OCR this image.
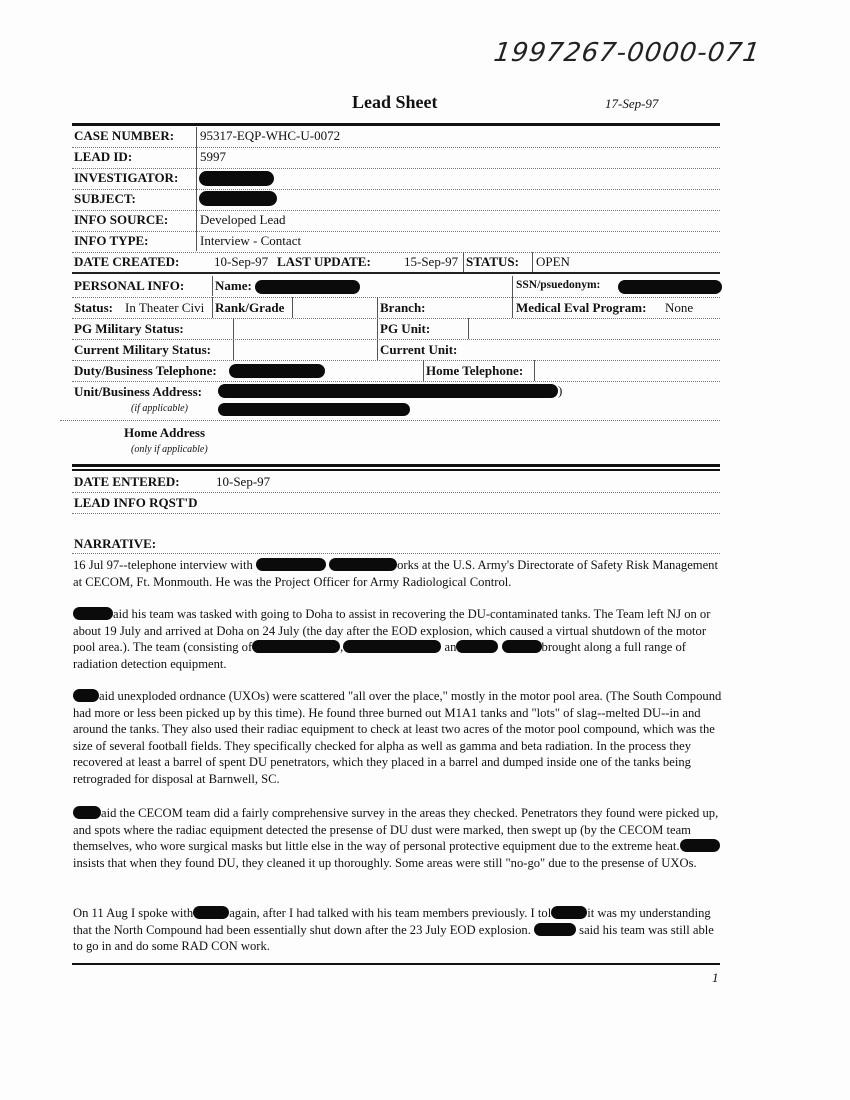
1997267-0000-071
Lead Sheet	17-Sep-97
CASE NUMBER: 95317-EQP-WHC-U-0072
LEAD ID:	5997
INVESTIGATOR:
SUBJECT:
INFO SOURCE: Developed Lead
INFO TYPE:	Interview - Contact
DATE CREATED:	10-Sep-97 LAST UPDATE:	15-Sep-97 STATUS: OPEN
PERSONAL INFO: Name:	SSN/psuedonym:
Status: In Theater Civi Rank/Grade	Branch:	Medical Eval Program: None
PG Military Status:	PG Unit:
Current Military Status:	Current Unit:
Duty/Business Telephone:	Home Telephone:
Unit/Business Address:	)
(if applicable)
Home Address
(only if applicable)
DATE ENTERED:	10-Sep-97
LEAD INFO RQST'D
NARRATIVE:

16 Jul 97--telephone interview with	orks at the U.S. Army's Directorate of Safety Risk Management at CECOM, Ft. Monmouth. He was the Project Officer for Army Radiological Control.

aid his team was tasked with going to Doha to assist in recovering the DU-contaminated tanks. The Team left NJ on or about 19 July and arrived at Doha on 24 July (the day after the EOD explosion, which caused a virtual shutdown of the motor pool area.). The team (consisting of	,	an	brought along a full range of radiation detection equipment.

aid unexploded ordnance (UXOs) were scattered "all over the place," mostly in the motor pool area. (The South Compound had more or less been picked up by this time). He found three burned out M1A1 tanks and "lots" of slag--melted DU--in and around the tanks. They also used their radiac equipment to check at least two acres of the motor pool compound, which was the size of several football fields. They specifically checked for alpha as well as gamma and beta radiation. In the process they recovered at least a barrel of spent DU penetrators, which they placed in a barrel and dumped inside one of the tanks being retrograded for disposal at Barnwell, SC.

aid the CECOM team did a fairly comprehensive survey in the areas they checked. Penetrators they found were picked up, and spots where the radiac equipment detected the presense of DU dust were marked, then swept up (by the CECOM team themselves, who wore surgical masks but little else in the way of personal protective equipment due to the extreme heat.insists that when they found DU, they cleaned it up thoroughly. Some areas were still "no-go" due to the presense of UXOs.

On 11 Aug I spoke with	again, after I had talked with his team members previously. I tol	it was my understanding that the North Compound had been essentially shut down after the 23 July EOD explosion.	said his team was still able to go in and do some RAD CON work.

1
